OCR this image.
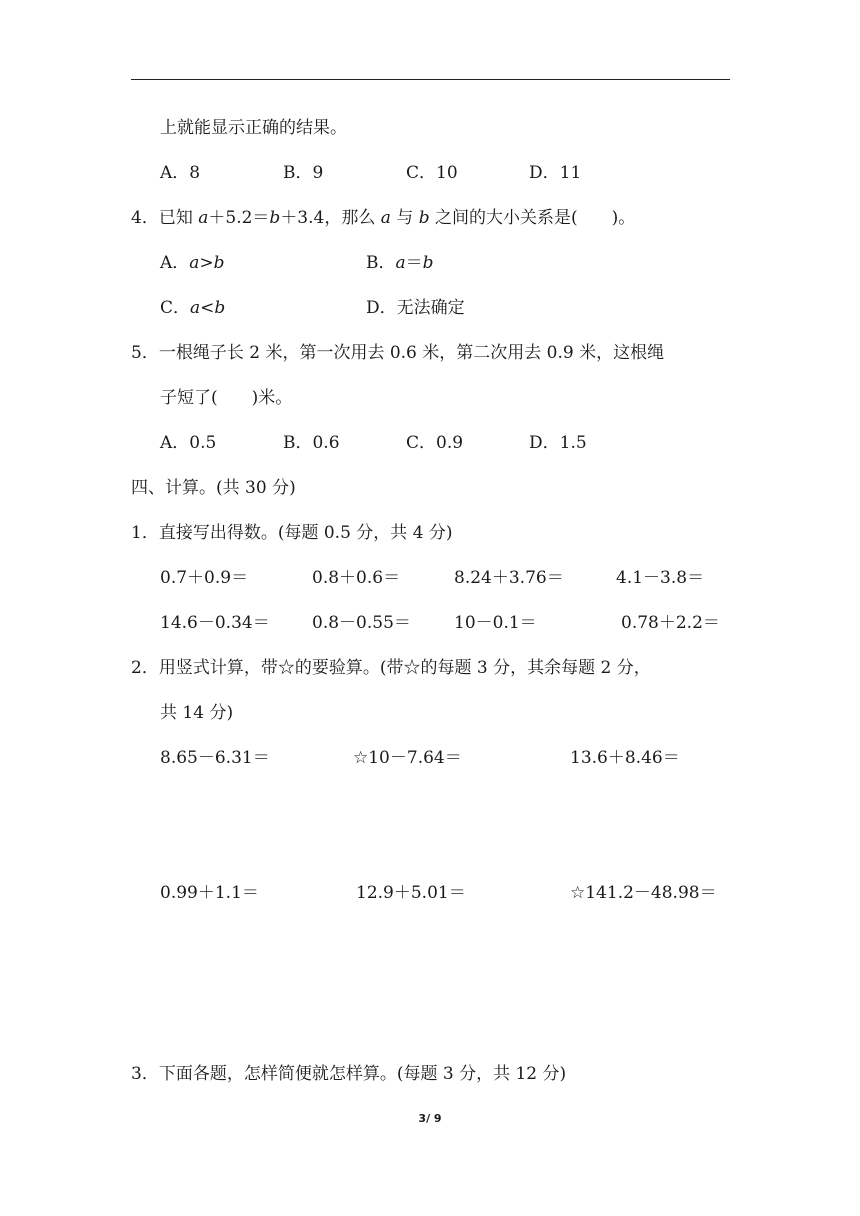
上就能显示正确的结果。
A．8	B．9	C．10	D．11
4．已知 a＋5.2＝b＋3.4，那么 a 与 b 之间的大小关系是(　　)。
A．a>b	B．a＝b
C．a<b	D．无法确定
5．一根绳子长 2 米，第一次用去 0.6 米，第二次用去 0.9 米，这根绳
子短了(　　)米。
A．0.5	B．0.6	C．0.9	D．1.5
四、计算。(共 30 分)
1．直接写出得数。(每题 0.5 分，共 4 分)
0.7＋0.9＝	0.8＋0.6＝	8.24＋3.76＝	4.1－3.8＝
14.6－0.34＝ 0.8－0.55＝	10－0.1＝	0.78＋2.2＝
2．用竖式计算，带☆的要验算。(带☆的每题 3 分，其余每题 2 分，
共 14 分)
8.65－6.31＝	☆10－7.64＝	13.6＋8.46＝
0.99＋1.1＝	12.9＋5.01＝	☆141.2－48.98＝
3．下面各题，怎样简便就怎样算。(每题 3 分，共 12 分)
3/ 9
